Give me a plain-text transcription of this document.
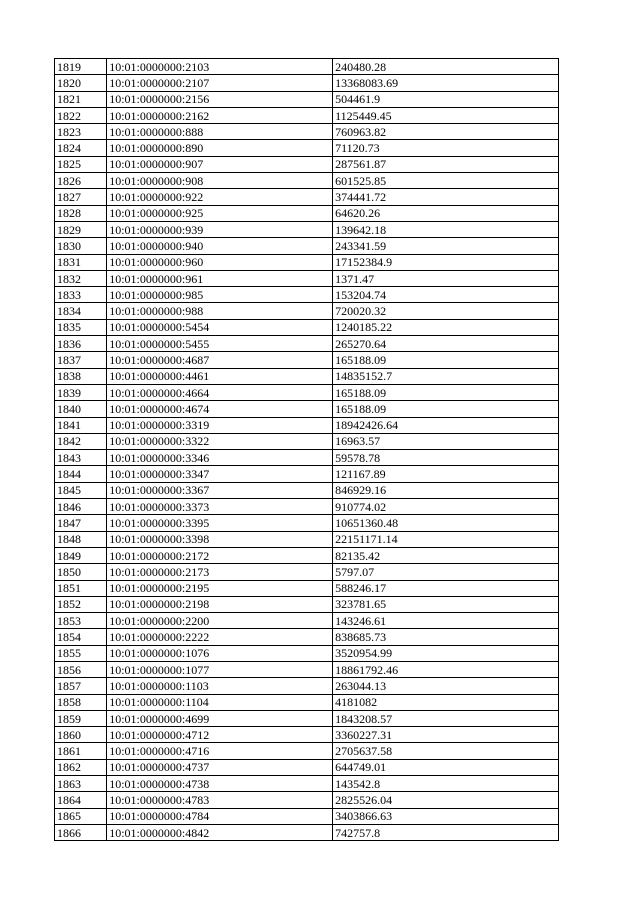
1819	10:01:0000000:2103	240480.28
1820	10:01:0000000:2107	13368083.69
1821	10:01:0000000:2156	504461.9
1822	10:01:0000000:2162	1125449.45
1823	10:01:0000000:888	760963.82
1824	10:01:0000000:890	71120.73
1825	10:01:0000000:907	287561.87
1826	10:01:0000000:908	601525.85
1827	10:01:0000000:922	374441.72
1828	10:01:0000000:925	64620.26
1829	10:01:0000000:939	139642.18
1830	10:01:0000000:940	243341.59
1831	10:01:0000000:960	17152384.9
1832	10:01:0000000:961	1371.47
1833	10:01:0000000:985	153204.74
1834	10:01:0000000:988	720020.32
1835	10:01:0000000:5454	1240185.22
1836	10:01:0000000:5455	265270.64
1837	10:01:0000000:4687	165188.09
1838	10:01:0000000:4461	14835152.7
1839	10:01:0000000:4664	165188.09
1840	10:01:0000000:4674	165188.09
1841	10:01:0000000:3319	18942426.64
1842	10:01:0000000:3322	16963.57
1843	10:01:0000000:3346	59578.78
1844	10:01:0000000:3347	121167.89
1845	10:01:0000000:3367	846929.16
1846	10:01:0000000:3373	910774.02
1847	10:01:0000000:3395	10651360.48
1848	10:01:0000000:3398	22151171.14
1849	10:01:0000000:2172	82135.42
1850	10:01:0000000:2173	5797.07
1851	10:01:0000000:2195	588246.17
1852	10:01:0000000:2198	323781.65
1853	10:01:0000000:2200	143246.61
1854	10:01:0000000:2222	838685.73
1855	10:01:0000000:1076	3520954.99
1856	10:01:0000000:1077	18861792.46
1857	10:01:0000000:1103	263044.13
1858	10:01:0000000:1104	4181082
1859	10:01:0000000:4699	1843208.57
1860	10:01:0000000:4712	3360227.31
1861	10:01:0000000:4716	2705637.58
1862	10:01:0000000:4737	644749.01
1863	10:01:0000000:4738	143542.8
1864	10:01:0000000:4783	2825526.04
1865	10:01:0000000:4784	3403866.63
1866	10:01:0000000:4842	742757.8
